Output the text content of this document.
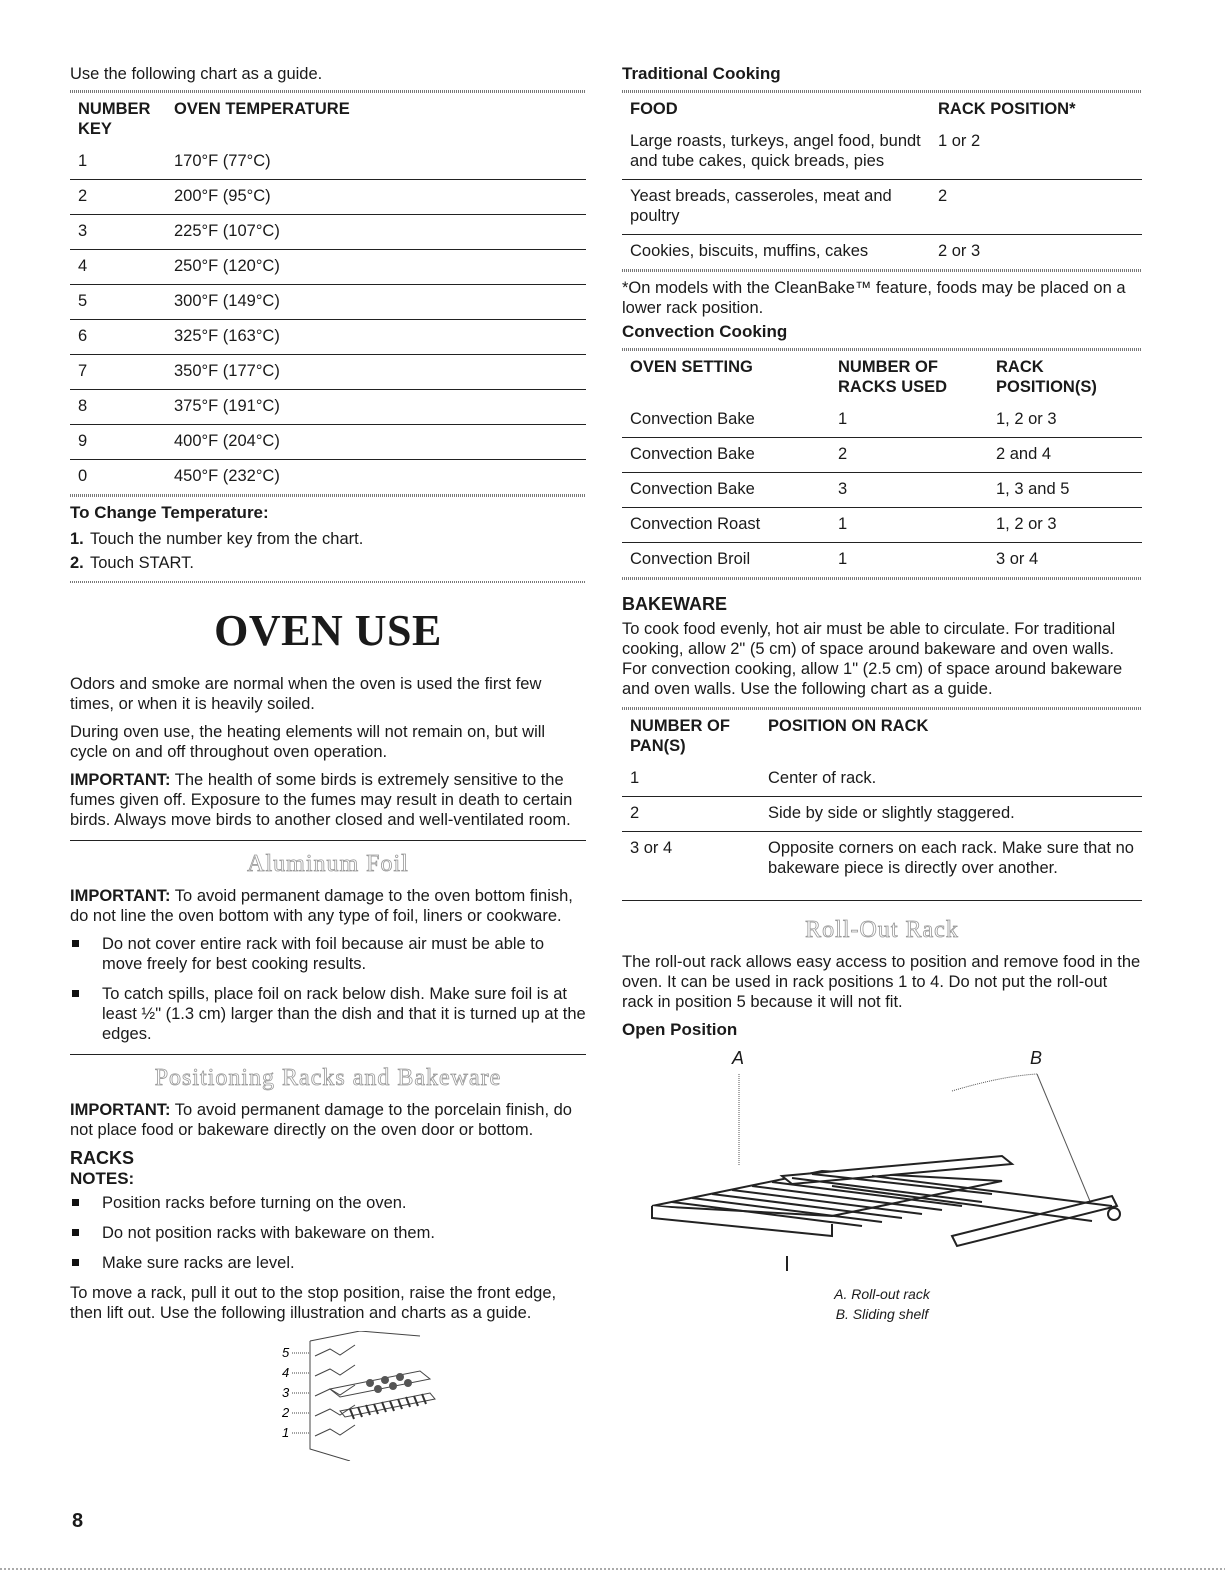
Use the following chart as a guide.

NUMBER KEY	OVEN TEMPERATURE
1	170°F (77°C)
2	200°F (95°C)
3	225°F (107°C)
4	250°F (120°C)
5	300°F (149°C)
6	325°F (163°C)
7	350°F (177°C)
8	375°F (191°C)
9	400°F (204°C)
0	450°F (232°C)
To Change Temperature:
1. Touch the number key from the chart.
2. Touch START.
OVEN USE

Odors and smoke are normal when the oven is used the first few times, or when it is heavily soiled.

During oven use, the heating elements will not remain on, but will cycle on and off throughout oven operation.

IMPORTANT: The health of some birds is extremely sensitive to the fumes given off. Exposure to the fumes may result in death to certain birds. Always move birds to another closed and well-ventilated room.

Aluminum Foil

IMPORTANT: To avoid permanent damage to the oven bottom finish, do not line the oven bottom with any type of foil, liners or cookware.

Do not cover entire rack with foil because air must be able to move freely for best cooking results.
To catch spills, place foil on rack below dish. Make sure foil is at least ½" (1.3 cm) larger than the dish and that it is turned up at the edges.
Positioning Racks and Bakeware

IMPORTANT: To avoid permanent damage to the porcelain finish, do not place food or bakeware directly on the oven door or bottom.

RACKS
NOTES:
Position racks before turning on the oven.
Do not position racks with bakeware on them.
Make sure racks are level.

To move a rack, pull it out to the stop position, raise the front edge, then lift out. Use the following illustration and charts as a guide.

5
4
3
2
1
Traditional Cooking
FOOD	RACK POSITION*
Large roasts, turkeys, angel food, bundt and tube cakes, quick breads, pies	1 or 2
Yeast breads, casseroles, meat and poultry	2
Cookies, biscuits, muffins, cakes	2 or 3

*On models with the CleanBake™ feature, foods may be placed on a lower rack position.

Convection Cooking
OVEN SETTING	NUMBER OF RACKS USED	RACK POSITION(S)
Convection Bake	1	1, 2 or 3
Convection Bake	2	2 and 4
Convection Bake	3	1, 3 and 5
Convection Roast	1	1, 2 or 3
Convection Broil	1	3 or 4
BAKEWARE

To cook food evenly, hot air must be able to circulate. For traditional cooking, allow 2" (5 cm) of space around bakeware and oven walls. For convection cooking, allow 1" (2.5 cm) of space around bakeware and oven walls. Use the following chart as a guide.

NUMBER OF PAN(S)	POSITION ON RACK
1	Center of rack.
2	Side by side or slightly staggered.
3 or 4	Opposite corners on each rack. Make sure that no bakeware piece is directly over another.
Roll-Out Rack

The roll-out rack allows easy access to position and remove food in the oven. It can be used in rack positions 1 to 4. Do not put the roll-out rack in position 5 because it will not fit.

Open Position
A	B
A. Roll-out rack
B. Sliding shelf
8
